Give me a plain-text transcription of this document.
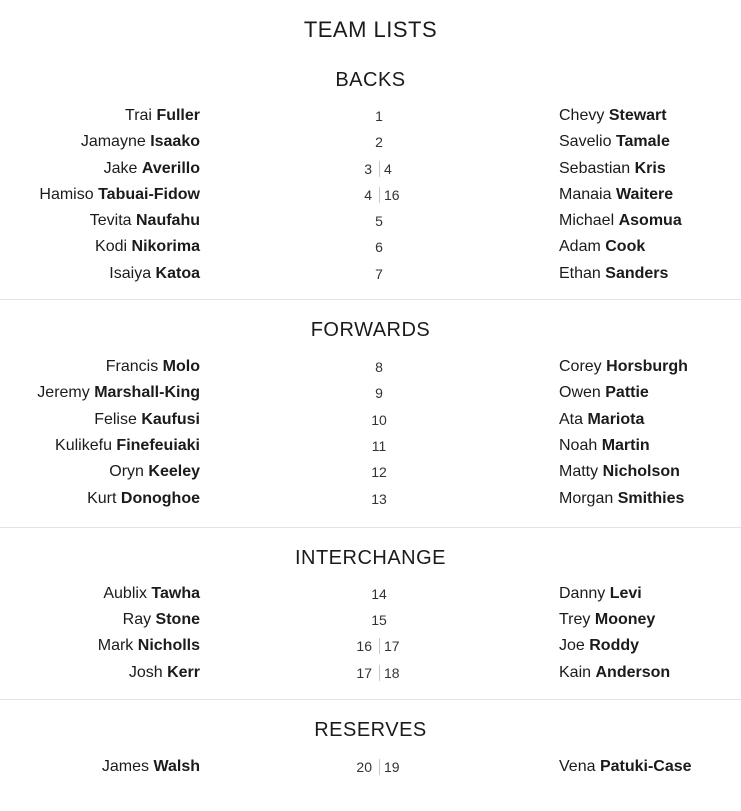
TEAM LISTS
BACKS
Trai Fuller	1	Chevy Stewart
Jamayne Isaako	2	Savelio Tamale
Jake Averillo	3 4	Sebastian Kris
Hamiso Tabuai-Fidow	4 16	Manaia Waitere
Tevita Naufahu	5	Michael Asomua
Kodi Nikorima	6	Adam Cook
Isaiya Katoa	7	Ethan Sanders
FORWARDS
Francis Molo	8	Corey Horsburgh
Jeremy Marshall-King	9	Owen Pattie
Felise Kaufusi	10	Ata Mariota
Kulikefu Finefeuiaki	11	Noah Martin
Oryn Keeley	12	Matty Nicholson
Kurt Donoghoe	13	Morgan Smithies
INTERCHANGE
Aublix Tawha	14	Danny Levi
Ray Stone	15	Trey Mooney
Mark Nicholls	16 17	Joe Roddy
Josh Kerr	17 18	Kain Anderson
RESERVES
James Walsh	20 19	Vena Patuki-Case
